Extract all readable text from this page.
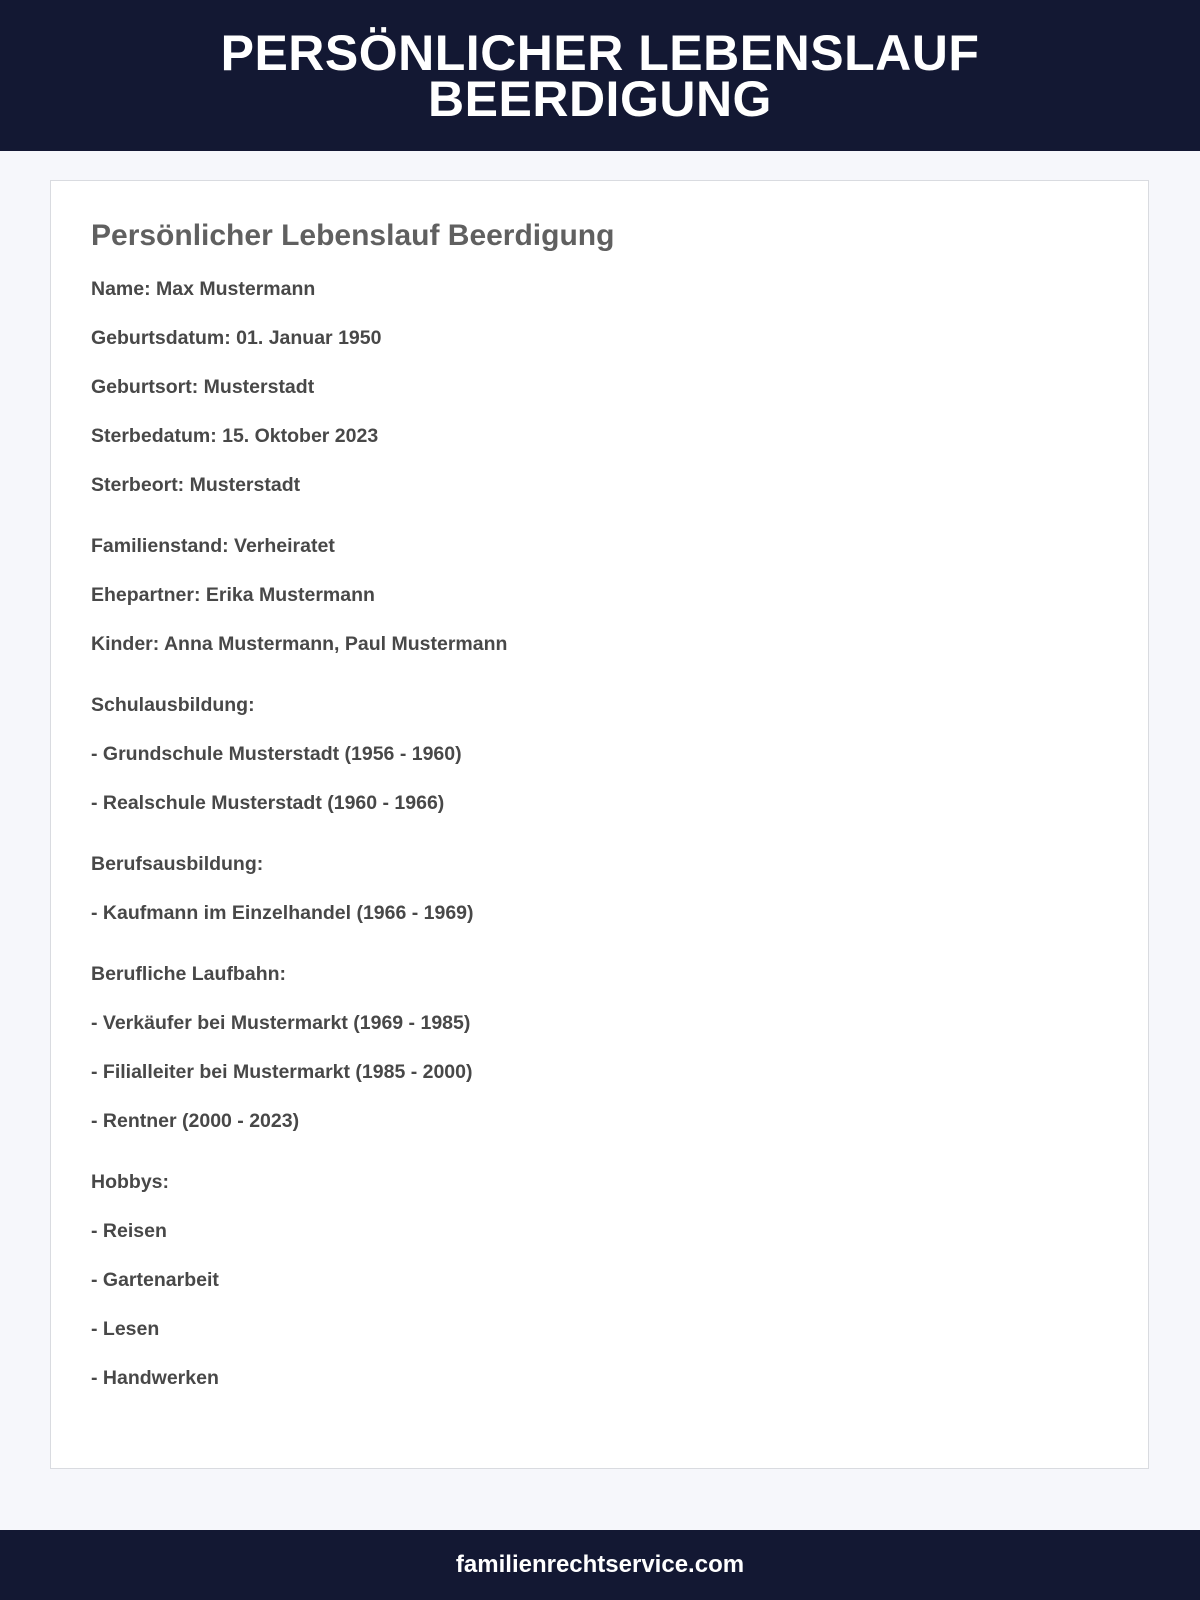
PERSÖNLICHER LEBENSLAUF BEERDIGUNG
Persönlicher Lebenslauf Beerdigung

Name: Max Mustermann

Geburtsdatum: 01. Januar 1950

Geburtsort: Musterstadt

Sterbedatum: 15. Oktober 2023

Sterbeort: Musterstadt

Familienstand: Verheiratet

Ehepartner: Erika Mustermann

Kinder: Anna Mustermann, Paul Mustermann

Schulausbildung:

- Grundschule Musterstadt (1956 - 1960)

- Realschule Musterstadt (1960 - 1966)

Berufsausbildung:

- Kaufmann im Einzelhandel (1966 - 1969)

Berufliche Laufbahn:

- Verkäufer bei Mustermarkt (1969 - 1985)

- Filialleiter bei Mustermarkt (1985 - 2000)

- Rentner (2000 - 2023)

Hobbys:

- Reisen

- Gartenarbeit

- Lesen

- Handwerken

familienrechtservice.com
